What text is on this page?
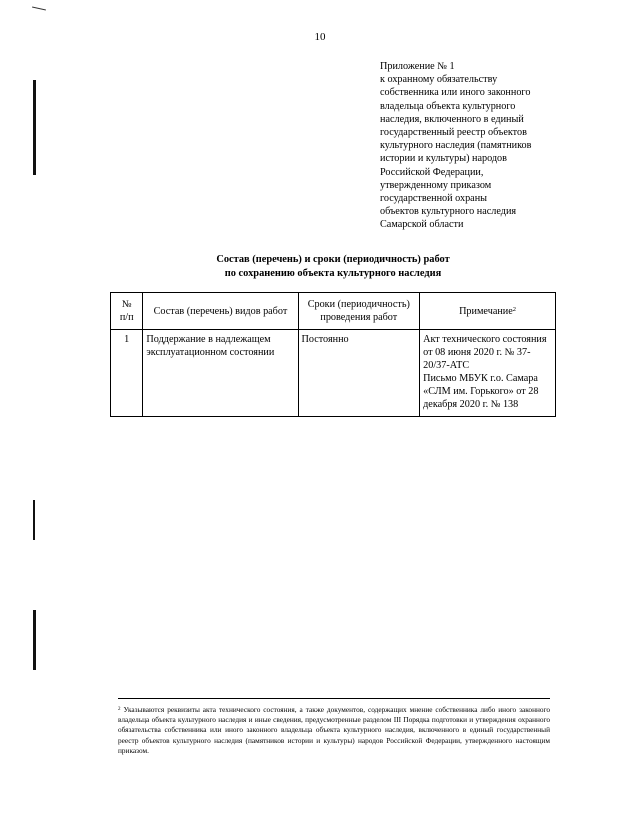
10
Приложение № 1
к охранному обязательству
собственника или иного законного
владельца объекта культурного
наследия, включенного в единый
государственный реестр объектов
культурного наследия (памятников
истории и культуры) народов
Российской Федерации,
утвержденному приказом
государственной охраны
объектов культурного наследия
Самарской области
Состав (перечень) и сроки (периодичность) работ
по сохранению объекта культурного наследия
№
п/п	Состав (перечень) видов работ	Сроки (периодичность) проведения работ	Примечание$^2$
1	Поддержание в надлежащем эксплуатационном состоянии	Постоянно	Акт технического состояния от 08 июня 2020 г. № 37-20/37-АТС
Письмо МБУК г.о. Самара «СЛМ им. Горького» от 28 декабря 2020 г. № 138
$^2$ Указываются реквизиты акта технического состояния, а также документов, содержащих мнение собственника либо иного законного владельца объекта культурного наследия и иные сведения, предусмотренные разделом III Порядка подготовки и утверждения охранного обязательства собственника или иного законного владельца объекта культурного наследия, включенного в единый государственный реестр объектов культурного наследия (памятников истории и культуры) народов Российской Федерации, утвержденного настоящим приказом.
